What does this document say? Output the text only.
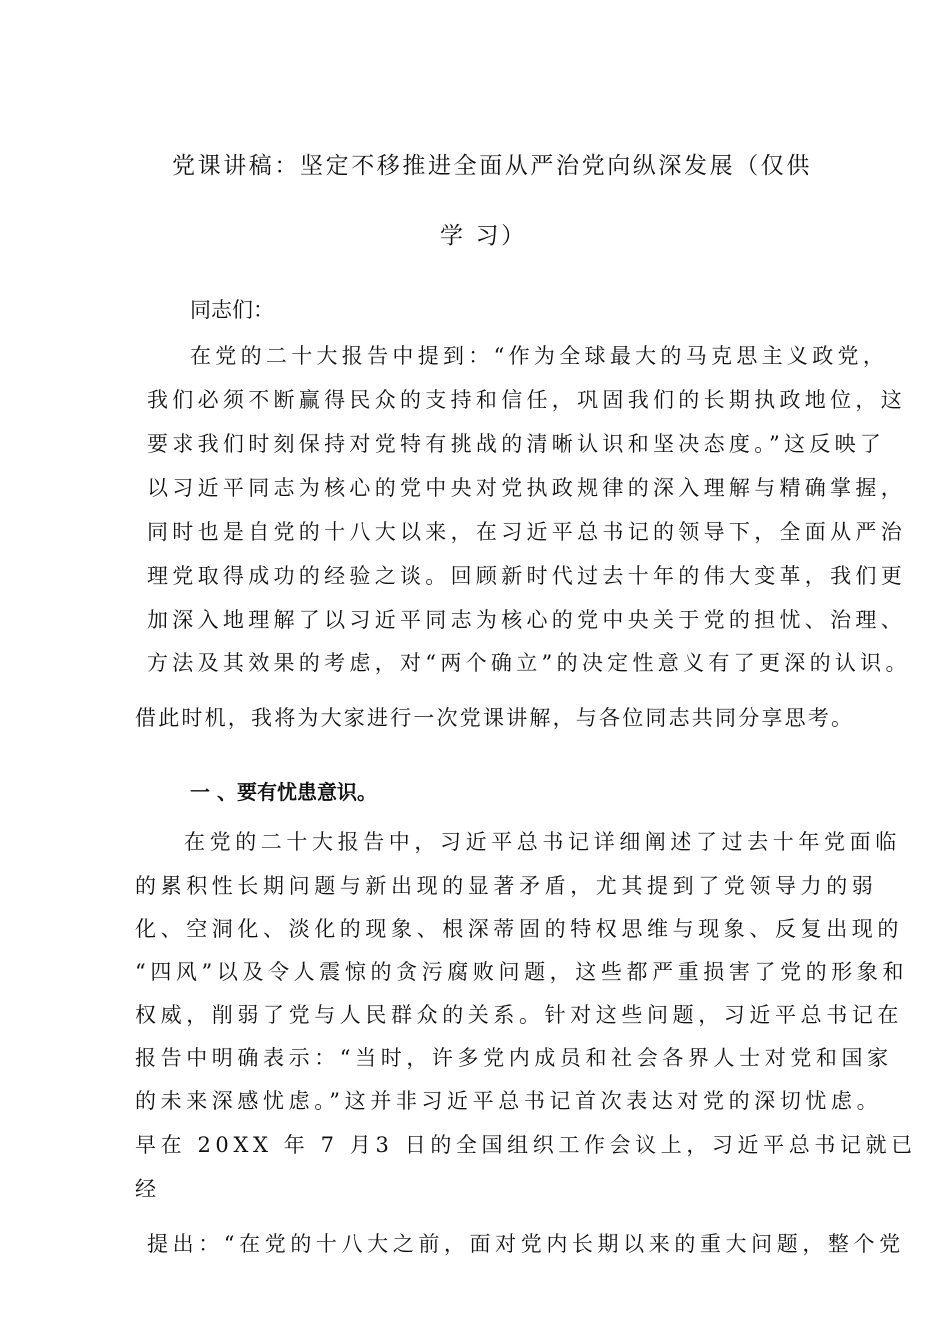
党课讲稿：坚定不移推进全面从严治党向纵深发展（仅供
学 习）
同志们：
在党的二十大报告中提到：“作为全球最大的马克思主义政党，
我们必须不断赢得民众的支持和信任，巩固我们的长期执政地位，这
要求我们时刻保持对党特有挑战的清晰认识和坚决态度。”这反映了
以习近平同志为核心的党中央对党执政规律的深入理解与精确掌握，
同时也是自党的十八大以来，在习近平总书记的领导下，全面从严治
理党取得成功的经验之谈。回顾新时代过去十年的伟大变革，我们更
加深入地理解了以习近平同志为核心的党中央关于党的担忧、治理、
方法及其效果的考虑，对“两个确立”的决定性意义有了更深的认识。
借此时机，我将为大家进行一次党课讲解，与各位同志共同分享思考。
一 、要有忧患意识。
在党的二十大报告中，习近平总书记详细阐述了过去十年党面临
的累积性长期问题与新出现的显著矛盾，尤其提到了党领导力的弱
化、空洞化、淡化的现象、根深蒂固的特权思维与现象、反复出现的
“四风”以及令人震惊的贪污腐败问题，这些都严重损害了党的形象和
权威，削弱了党与人民群众的关系。针对这些问题，习近平总书记在
报告中明确表示：“当时，许多党内成员和社会各界人士对党和国家
的未来深感忧虑。”这并非习近平总书记首次表达对党的深切忧虑。
早在 20XX 年 7 月3 日的全国组织工作会议上，习近平总书记就已
经
提出：“在党的十八大之前，面对党内长期以来的重大问题，整个党
